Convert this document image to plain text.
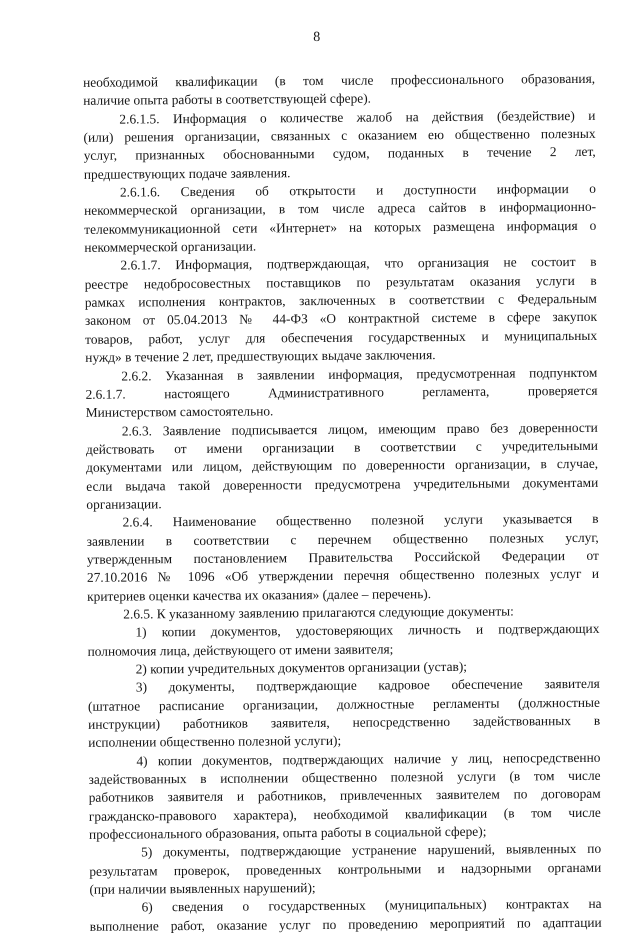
8
необходимой квалификации (в том числе профессионального образования,
наличие опыта работы в соответствующей сфере).
2.6.1.5. Информация о количестве жалоб на действия (бездействие) и
(или) решения организации, связанных с оказанием ею общественно полезных
услуг, признанных обоснованными судом, поданных в течение 2 лет,
предшествующих подаче заявления.
2.6.1.6. Сведения об открытости и доступности информации о
некоммерческой организации, в том числе адреса сайтов в информационно-
телекоммуникационной сети «Интернет» на которых размещена информация о
некоммерческой организации.
2.6.1.7. Информация, подтверждающая, что организация не состоит в
реестре недобросовестных поставщиков по результатам оказания услуги в
рамках исполнения контрактов, заключенных в соответствии с Федеральным
законом от 05.04.2013 № 44-ФЗ «О контрактной системе в сфере закупок
товаров, работ, услуг для обеспечения государственных и муниципальных
нужд» в течение 2 лет, предшествующих выдаче заключения.
2.6.2. Указанная в заявлении информация, предусмотренная подпунктом
2.6.1.7. настоящего Административного регламента, проверяется
Министерством самостоятельно.
2.6.3. Заявление подписывается лицом, имеющим право без доверенности
действовать от имени организации в соответствии с учредительными
документами или лицом, действующим по доверенности организации, в случае,
если выдача такой доверенности предусмотрена учредительными документами
организации.
2.6.4. Наименование общественно полезной услуги указывается в
заявлении в соответствии с перечнем общественно полезных услуг,
утвержденным постановлением Правительства Российской Федерации от
27.10.2016 № 1096 «Об утверждении перечня общественно полезных услуг и
критериев оценки качества их оказания» (далее – перечень).
2.6.5. К указанному заявлению прилагаются следующие документы:
1) копии документов, удостоверяющих личность и подтверждающих
полномочия лица, действующего от имени заявителя;
2) копии учредительных документов организации (устав);
3) документы, подтверждающие кадровое обеспечение заявителя
(штатное расписание организации, должностные регламенты (должностные
инструкции) работников заявителя, непосредственно задействованных в
исполнении общественно полезной услуги);
4) копии документов, подтверждающих наличие у лиц, непосредственно
задействованных в исполнении общественно полезной услуги (в том числе
работников заявителя и работников, привлеченных заявителем по договорам
гражданско-правового характера), необходимой квалификации (в том числе
профессионального образования, опыта работы в социальной сфере);
5) документы, подтверждающие устранение нарушений, выявленных по
результатам проверок, проведенных контрольными и надзорными органами
(при наличии выявленных нарушений);
6) сведения о государственных (муниципальных) контрактах на
выполнение работ, оказание услуг по проведению мероприятий по адаптации
